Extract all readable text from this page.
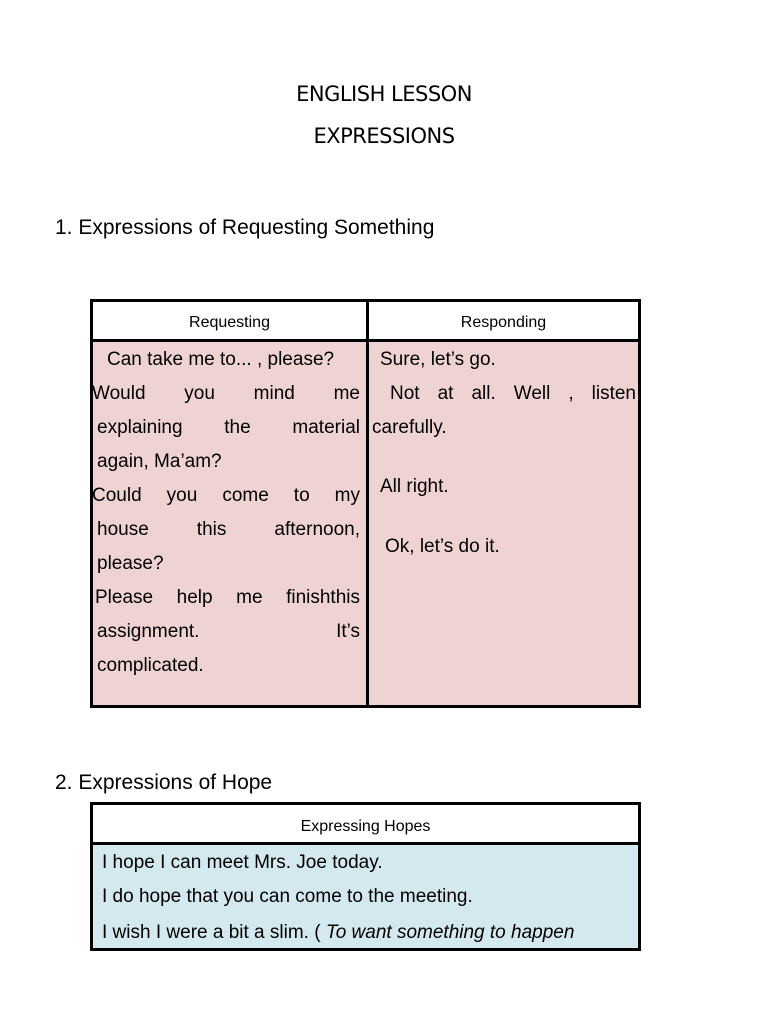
ENGLISH LESSON
EXPRESSIONS
1. Expressions of Requesting Something
Requesting	Responding
Can take me to... , please?
Would you mind me
explaining the material
again, Ma’am?
Could you come to my
house this afternoon,
please?
Please help me finishthis
assignment. It’s
complicated.
Sure, let’s go.
Not at all. Well , listen
carefully.
All right.
Ok, let’s do it.
2. Expressions of Hope
Expressing Hopes
I hope I can meet Mrs. Joe today.
I do hope that you can come to the meeting.
I wish I were a bit a slim. ( To want something to happen
